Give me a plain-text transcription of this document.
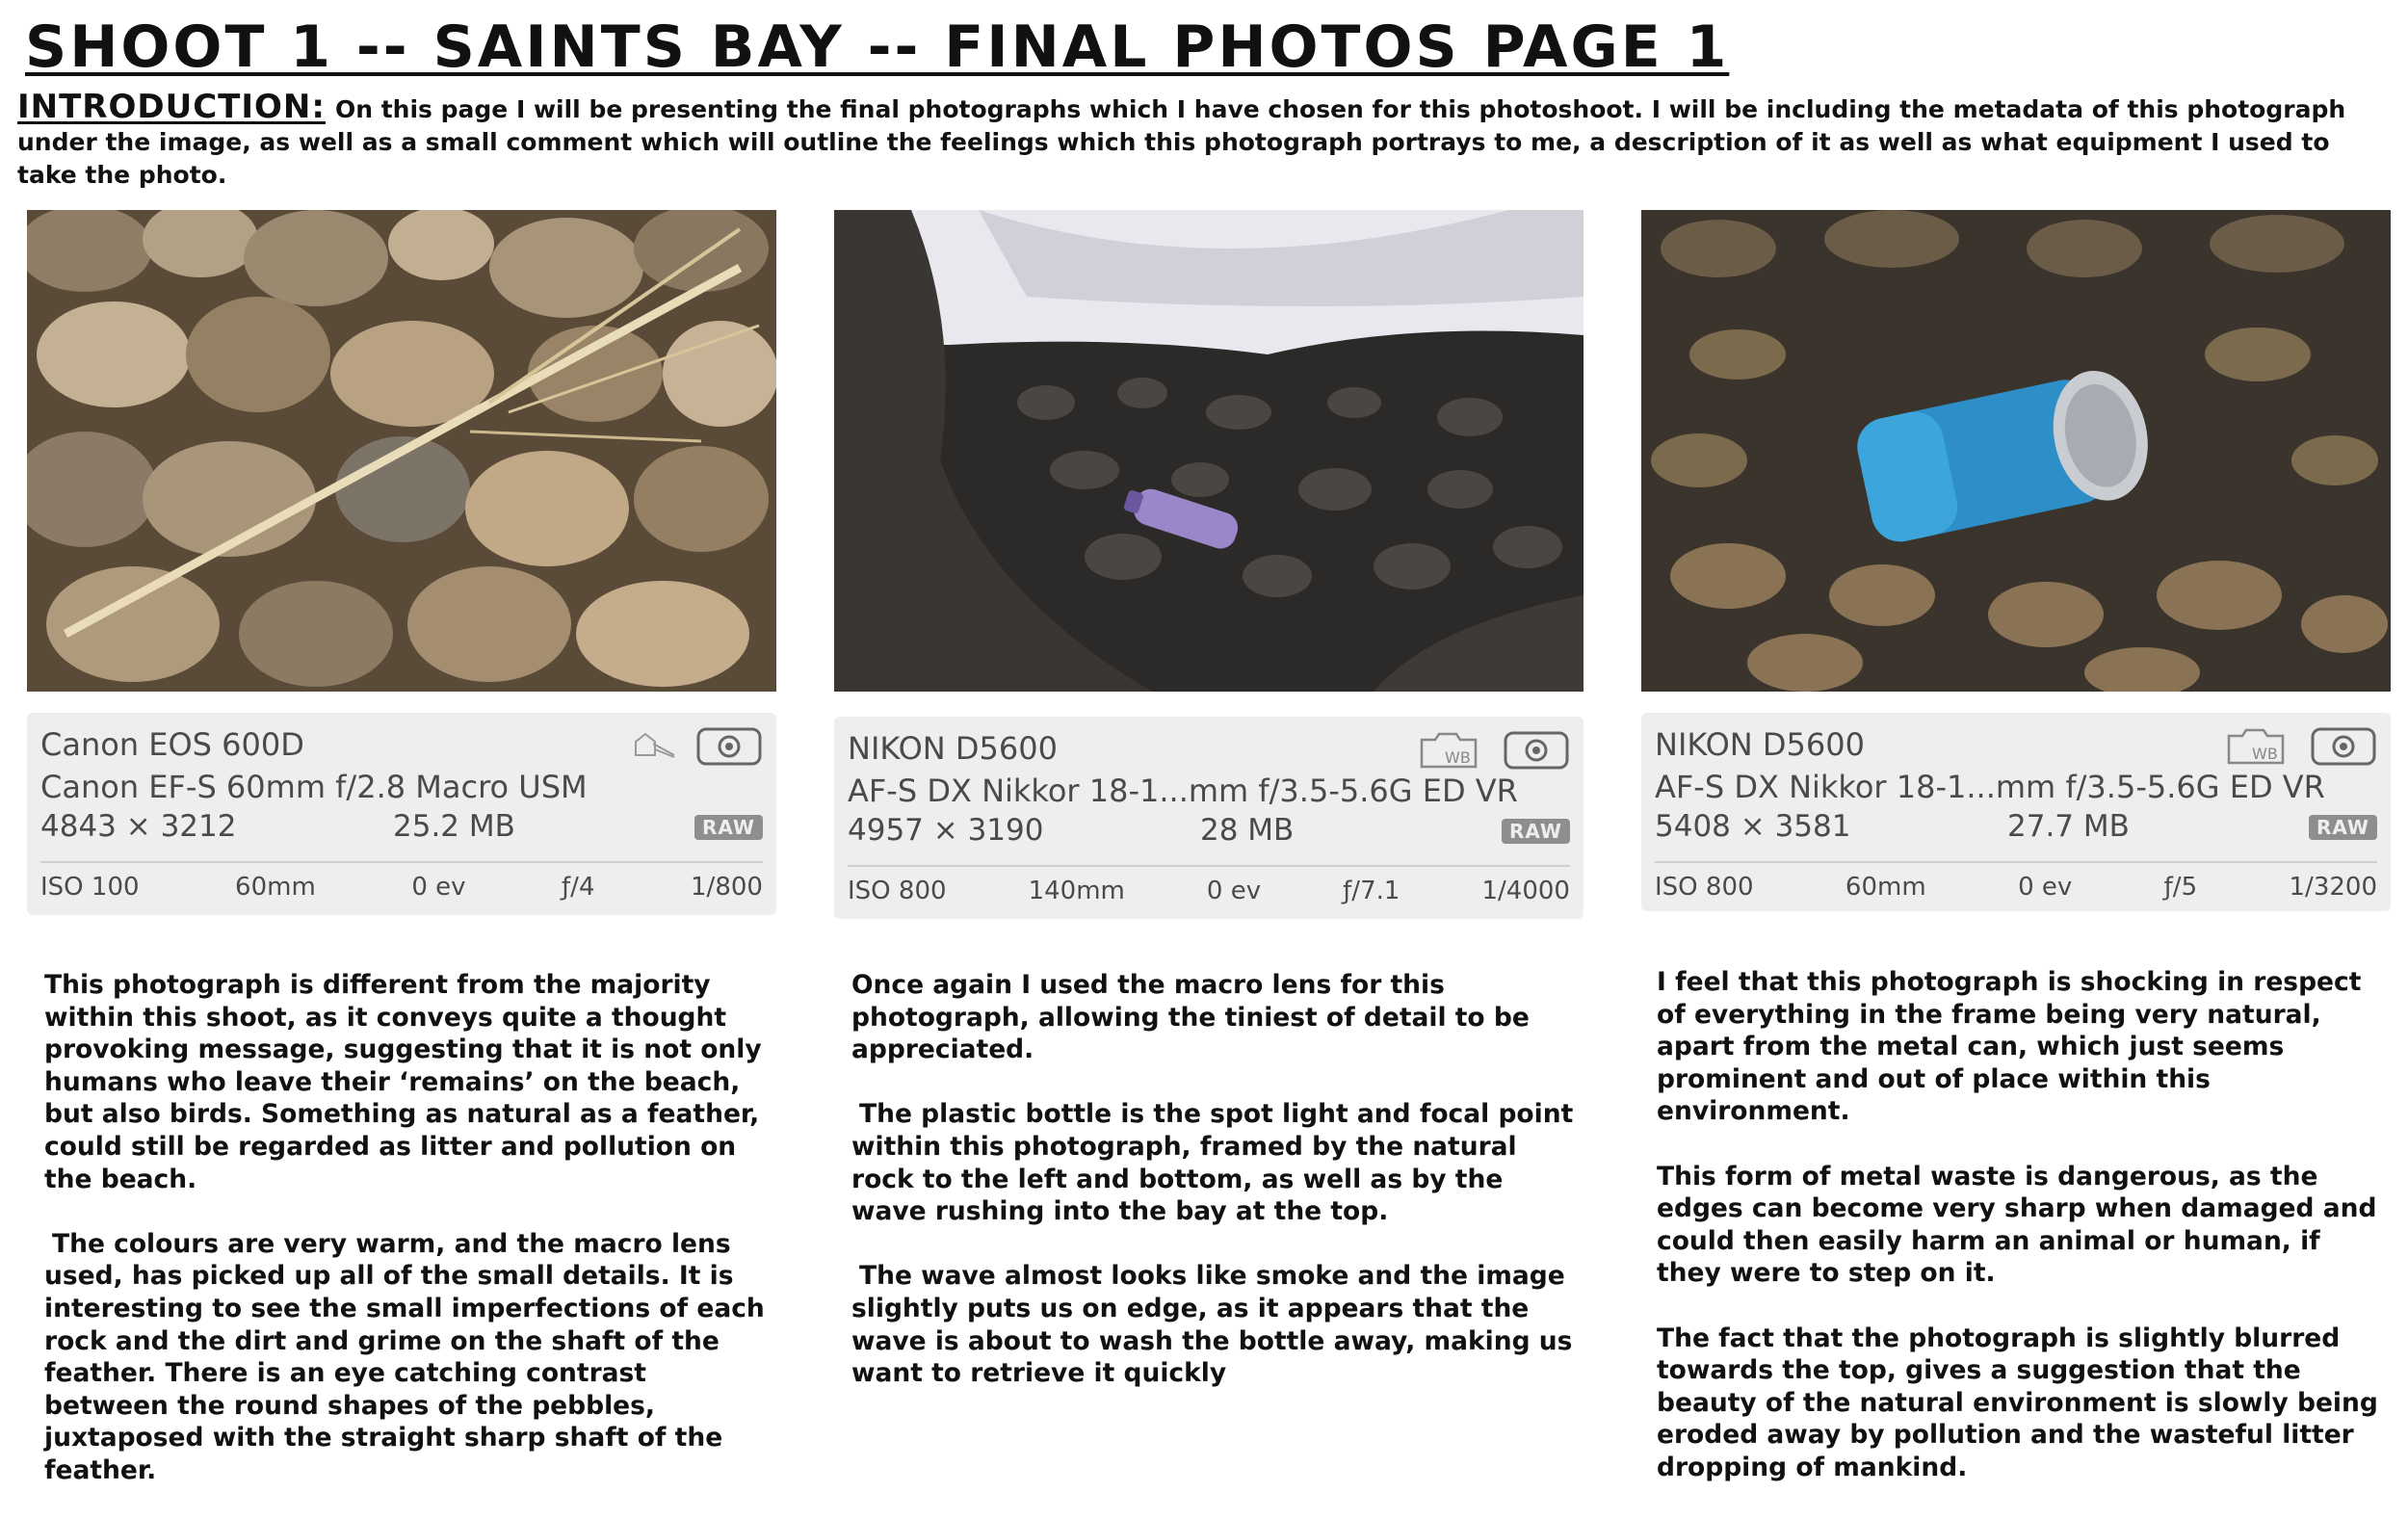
SHOOT 1 -- SAINTS BAY -- FINAL PHOTOS PAGE 1
INTRODUCTION: On this page I will be presenting the final photographs which I have chosen for this photoshoot. I will be including the metadata of this photograph under the image, as well as a small comment which will outline the feelings which this photograph portrays to me, a description of it as well as what equipment I used to take the photo.
Canon EOS 600D
Canon EF-S 60mm f/2.8 Macro USM
4843 × 3212	25.2 MB	RAW
ISO 100	60mm	0 ev	ƒ/4	1/800
NIKON D5600
AF-S DX Nikkor 18-1...mm f/3.5-5.6G ED VR
4957 × 3190	28 MB	RAW
WB
ISO 800	140mm	0 ev	ƒ/7.1	1/4000
NIKON D5600
AF-S DX Nikkor 18-1...mm f/3.5-5.6G ED VR
5408 × 3581	27.7 MB	RAW
WB
ISO 800	60mm	0 ev	ƒ/5	1/3200

This photograph is different from the majority within this shoot, as it conveys quite a thought provoking message, suggesting that it is not only humans who leave their ‘remains’ on the beach, but also birds. Something as natural as a feather, could still be regarded as litter and pollution on the beach.

The colours are very warm, and the macro lens used, has picked up all of the small details. It is interesting to see the small imperfections of each rock and the dirt and grime on the shaft of the feather. There is an eye catching contrast between the round shapes of the pebbles, juxtaposed with the straight sharp shaft of the feather.

Once again I used the macro lens for this photograph, allowing the tiniest of detail to be appreciated.

The plastic bottle is the spot light and focal point within this photograph, framed by the natural rock to the left and bottom, as well as by the wave rushing into the bay at the top.

The wave almost looks like smoke and the image slightly puts us on edge, as it appears that the wave is about to wash the bottle away, making us want to retrieve it quickly

I feel that this photograph is shocking in respect of everything in the frame being very natural, apart from the metal can, which just seems prominent and out of place within this environment.

This form of metal waste is dangerous, as the edges can become very sharp when damaged and could then easily harm an animal or human, if they were to step on it.

The fact that the photograph is slightly blurred towards the top, gives a suggestion that the beauty of the natural environment is slowly being eroded away by pollution and the wasteful litter dropping of mankind.
